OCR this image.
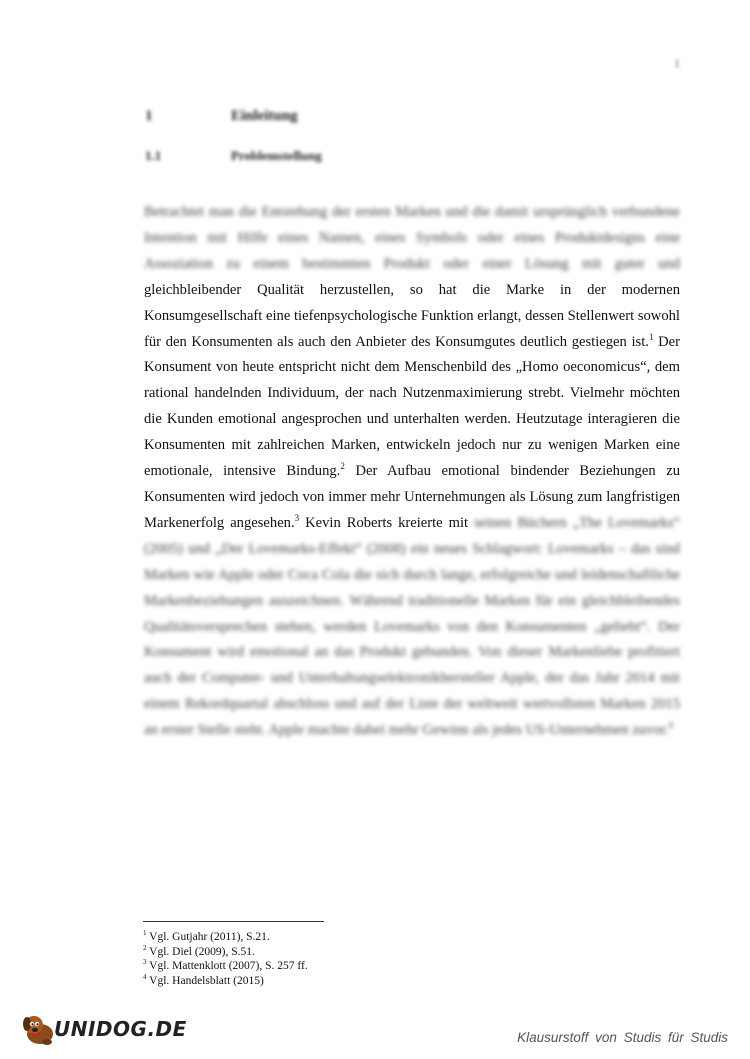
1
1	Einleitung
1.1	Problemstellung
Betrachtet man die Entstehung der ersten Marken und die damit ursprünglich verbundene Intention mit Hilfe eines Namen, eines Symbols oder eines Produktdesigns eine Assoziation zu einem bestimmten Produkt oder einer Lösung mit guter und gleichbleibender Qualität herzustellen, so hat die Marke in der modernen Konsumgesellschaft eine tiefenpsychologische Funktion erlangt, dessen Stellenwert sowohl für den Konsumenten als auch den Anbieter des Konsumgutes deutlich gestiegen ist.$^1$ Der Konsument von heute entspricht nicht dem Menschenbild des „Homo oeconomicus“, dem rational handelnden Individuum, der nach Nutzenmaximierung strebt. Vielmehr möchten die Kunden emotional angesprochen und unterhalten werden. Heutzutage interagieren die Konsumenten mit zahlreichen Marken, entwickeln jedoch nur zu wenigen Marken eine emotionale, intensive Bindung.$^2$ Der Aufbau emotional bindender Beziehungen zu Konsumenten wird jedoch von immer mehr Unternehmungen als Lösung zum langfristigen Markenerfolg angesehen.$^3$ Kevin Roberts kreierte mit seinen Büchern „The Lovemarks“ (2005) und „Der Lovemarks-Effekt“ (2008) ein neues Schlagwort: Lovemarks – das sind Marken wie Apple oder Coca Cola die sich durch lange, erfolgreiche und leidenschaftliche Markenbeziehungen auszeichnen. Während traditionelle Marken für ein gleichbleibendes Qualitätsversprechen stehen, werden Lovemarks von den Konsumenten „geliebt“. Der Konsument wird emotional an das Produkt gebunden. Von dieser Markenliebe profitiert auch der Computer- und Unterhaltungselektronikhersteller Apple, der das Jahr 2014 mit einem Rekordquartal abschloss und auf der Liste der weltweit wertvollsten Marken 2015 an erster Stelle steht. Apple machte dabei mehr Gewinn als jedes US-Unternehmen zuvor.$^4$
$^1$ Vgl. Gutjahr (2011), S.21.
$^2$ Vgl. Diel (2009), S.51.
$^3$ Vgl. Mattenklott (2007), S. 257 ff.
$^4$ Vgl. Handelsblatt (2015)
UNIDOG.DE	Klausurstoff von Studis für Studis
